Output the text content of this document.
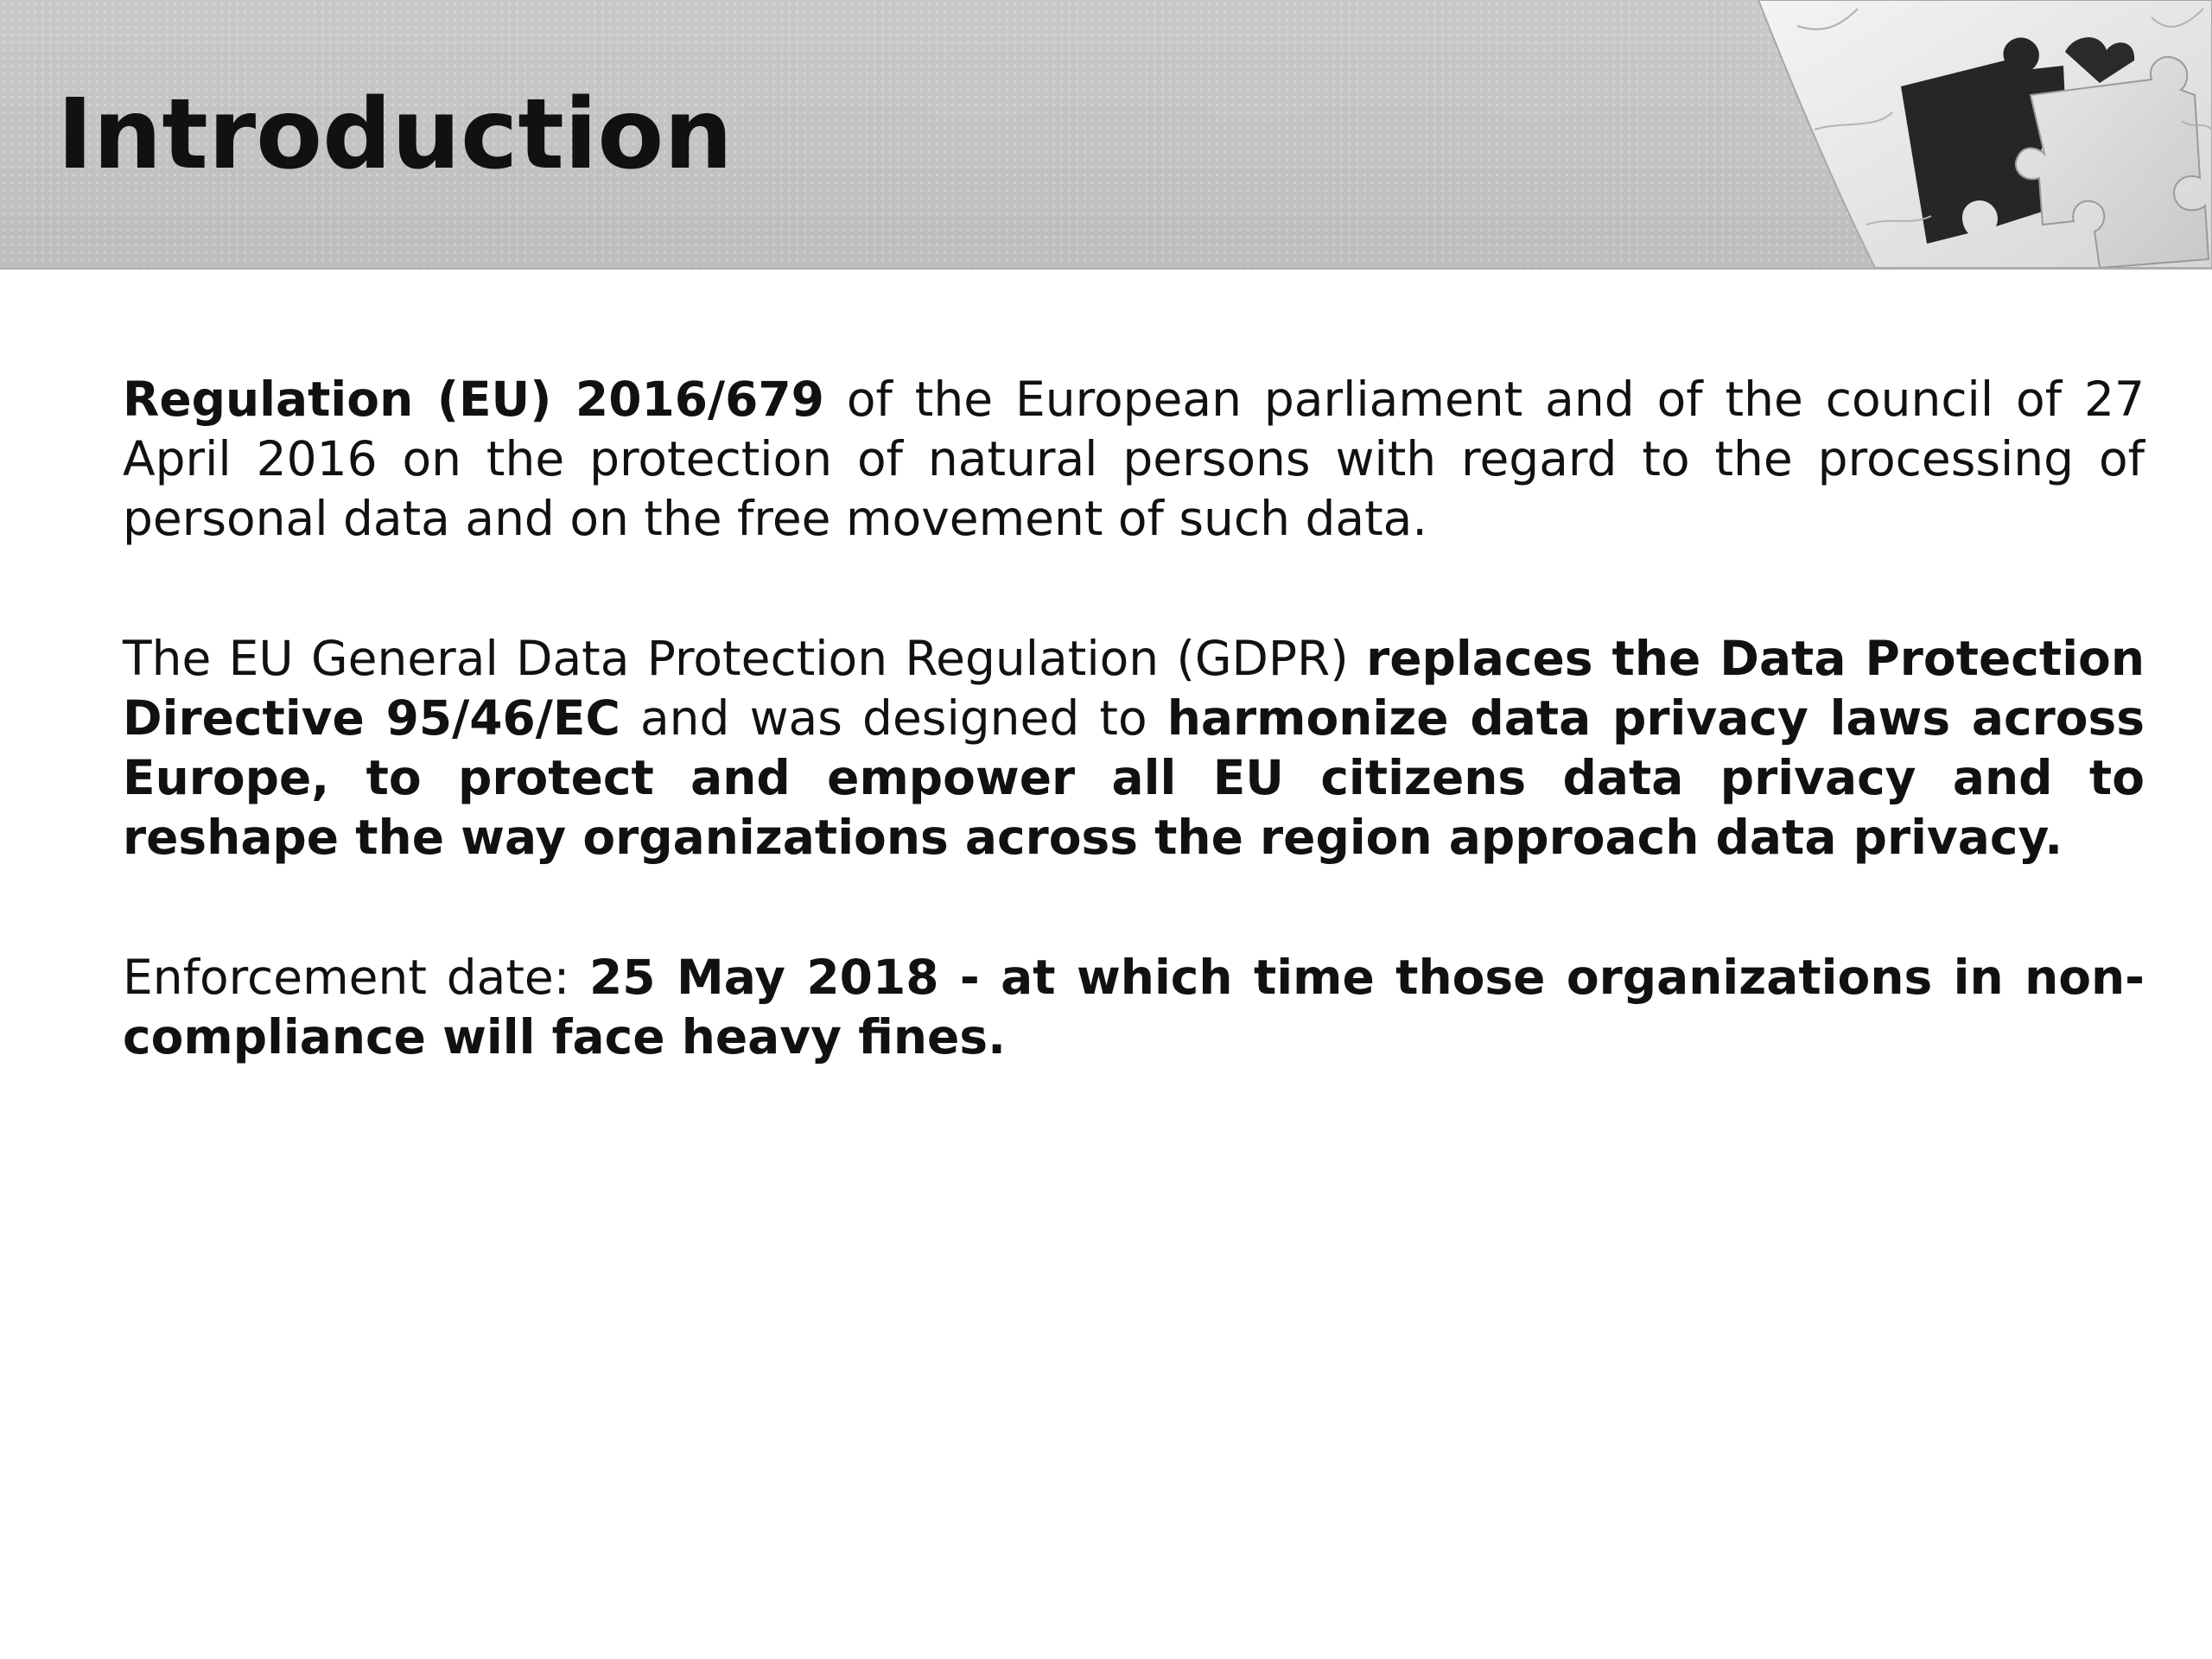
Introduction

Regulation (EU) 2016/679 of the European parliament and of the council of 27 April 2016 on the protection of natural persons with regard to the processing of personal data and on the free movement of such data.

The EU General Data Protection Regulation (GDPR) replaces the Data Protection Directive 95/46/EC and was designed to harmonize data privacy laws across Europe, to protect and empower all EU citizens data privacy and to reshape the way organizations across the region approach data privacy.

Enforcement date: 25 May 2018 - at which time those organizations in non-compliance will face heavy fines.
